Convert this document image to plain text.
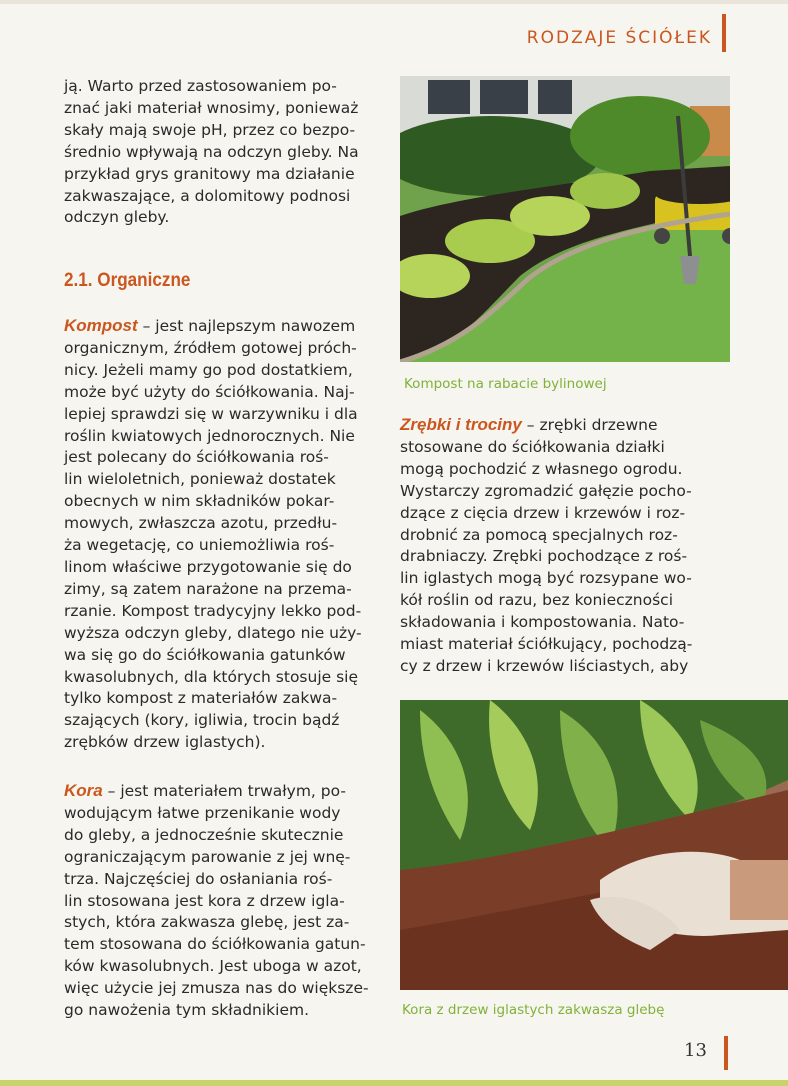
RODZAJE ŚCIÓŁEK
ją. Warto przed zastosowaniem po-
znać jaki materiał wnosimy, ponieważ
skały mają swoje pH, przez co bezpo-
średnio wpływają na odczyn gleby. Na
przykład grys granitowy ma działanie
zakwaszające, a dolomitowy podnosi
odczyn gleby.
2.1. Organiczne
Kompost – jest najlepszym nawozem
organicznym, źródłem gotowej próch-
nicy. Jeżeli mamy go pod dostatkiem,
może być użyty do ściółkowania. Naj-
lepiej sprawdzi się w warzywniku i dla
roślin kwiatowych jednorocznych. Nie
jest polecany do ściółkowania roś-
lin wieloletnich, ponieważ dostatek
obecnych w nim składników pokar-
mowych, zwłaszcza azotu, przedłu-
ża wegetację, co uniemożliwia roś-
linom właściwe przygotowanie się do
zimy, są zatem narażone na przema-
rzanie. Kompost tradycyjny lekko pod-
wyższa odczyn gleby, dlatego nie uży-
wa się go do ściółkowania gatunków
kwasolubnych, dla których stosuje się
tylko kompost z materiałów zakwa-
szających (kory, igliwia, trocin bądź
zrębków drzew iglastych).
Kora – jest materiałem trwałym, po-
wodującym łatwe przenikanie wody
do gleby, a jednocześnie skutecznie
ograniczającym parowanie z jej wnę-
trza. Najczęściej do osłaniania roś-
lin stosowana jest kora z drzew igla-
stych, która zakwasza glebę, jest za-
tem stosowana do ściółkowania gatun-
ków kwasolubnych. Jest uboga w azot,
więc użycie jej zmusza nas do większe-
go nawożenia tym składnikiem.
Kompost na rabacie bylinowej
Zrębki i trociny – zrębki drzewne
stosowane do ściółkowania działki
mogą pochodzić z własnego ogrodu.
Wystarczy zgromadzić gałęzie pocho-
dzące z cięcia drzew i krzewów i roz-
drobnić za pomocą specjalnych roz-
drabniaczy. Zrębki pochodzące z roś-
lin iglastych mogą być rozsypane wo-
kół roślin od razu, bez konieczności
składowania i kompostowania. Nato-
miast materiał ściółkujący, pochodzą-
cy z drzew i krzewów liściastych, aby
Kora z drzew iglastych zakwasza glebę
13
